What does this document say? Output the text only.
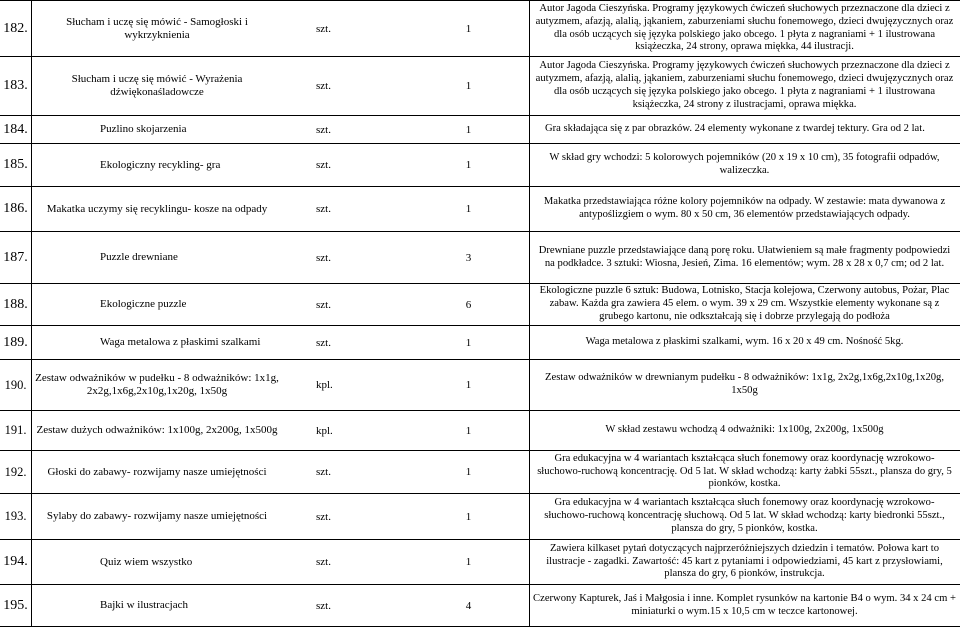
182.	Słucham i uczę się mówić - Samogłoski i wykrzyknienia	szt.	1
Autor Jagoda Cieszyńska. Programy językowych ćwiczeń słuchowych przeznaczone dla dzieci z autyzmem, afazją, alalią, jąkaniem, zaburzeniami słuchu fonemowego, dzieci dwujęzycznych oraz dla osób uczących się języka polskiego jako obcego. 1 płyta z nagraniami + 1 ilustrowana książeczka, 24 strony, oprawa miękka, 44 ilustracji.
183.	Słucham i uczę się mówić - Wyrażenia dźwiękonaśladowcze	szt.	1
Autor Jagoda Cieszyńska. Programy językowych ćwiczeń słuchowych przeznaczone dla dzieci z autyzmem, afazją, alalią, jąkaniem, zaburzeniami słuchu fonemowego, dzieci dwujęzycznych oraz dla osób uczących się języka polskiego jako obcego. 1 płyta z nagraniami + 1 ilustrowana książeczka, 24 strony z ilustracjami, oprawa miękka.
184.	Puzlino skojarzenia	szt.	1	Gra składająca się z par obrazków. 24 elementy wykonane z twardej tektury. Gra od 2 lat.
185.	Ekologiczny recykling- gra	szt.	1
W skład gry wchodzi: 5 kolorowych pojemników (20 x 19 x 10 cm), 35 fotografii odpadów, walizeczka.
186.	Makatka uczymy się recyklingu- kosze na odpady	szt.	1
Makatka przedstawiająca różne kolory pojemników na odpady. W zestawie: mata dywanowa z antypoślizgiem o wym. 80 x 50 cm, 36 elementów przedstawiających odpady.
187.	Puzzle drewniane	szt.	3
Drewniane puzzle przedstawiające daną porę roku. Ułatwieniem są małe fragmenty podpowiedzi na podkładce. 3 sztuki: Wiosna, Jesień, Zima. 16 elementów; wym. 28 x 28 x 0,7 cm; od 2 lat.
188.	Ekologiczne puzzle	szt.	6
Ekologiczne puzzle 6 sztuk: Budowa, Lotnisko, Stacja kolejowa, Czerwony autobus, Pożar, Plac zabaw. Każda gra zawiera 45 elem. o wym. 39 x 29 cm. Wszystkie elementy wykonane są z grubego kartonu, nie odkształcają się i dobrze przylegają do podłoża
189.	Waga metalowa z płaskimi szalkami	szt.	1	Waga metalowa z płaskimi szalkami, wym. 16 x 20 x 49 cm. Nośność 5kg.
190. Zestaw odważników w pudełku - 8 odważników: 1x1g, 2x2g,1x6g,2x10g,1x20g, 1x50g	kpl.	1
Zestaw odważników w drewnianym pudełku - 8 odważników: 1x1g, 2x2g,1x6g,2x10g,1x20g, 1x50g
191. Zestaw dużych odważników: 1x100g, 2x200g, 1x500g	kpl.	1	W skład zestawu wchodzą 4 odważniki: 1x100g, 2x200g, 1x500g
192.	Głoski do zabawy- rozwijamy nasze umiejętności	szt.	1
Gra edukacyjna w 4 wariantach kształcąca słuch fonemowy oraz koordynację wzrokowo-słuchowo-ruchową koncentrację. Od 5 lat. W skład wchodzą: karty żabki 55szt., plansza do gry, 5 pionków, kostka.
193.	Sylaby do zabawy- rozwijamy nasze umiejętności	szt.	1
Gra edukacyjna w 4 wariantach kształcąca słuch fonemowy oraz koordynację wzrokowo-słuchowo-ruchową koncentrację słuchową. Od 5 lat. W skład wchodzą: karty biedronki 55szt., plansza do gry, 5 pionków, kostka.
194.	Quiz wiem wszystko	szt.	1
Zawiera kilkaset pytań dotyczących najprzeróżniejszych dziedzin i tematów. Połowa kart to ilustracje - zagadki. Zawartość: 45 kart z pytaniami i odpowiedziami, 45 kart z przysłowiami, plansza do gry, 6 pionków, instrukcja.
195.	Bajki w ilustracjach	szt.	4
Czerwony Kapturek, Jaś i Małgosia i inne. Komplet rysunków na kartonie B4 o wym. 34 x 24 cm + miniaturki o wym.15 x 10,5 cm w teczce kartonowej.
